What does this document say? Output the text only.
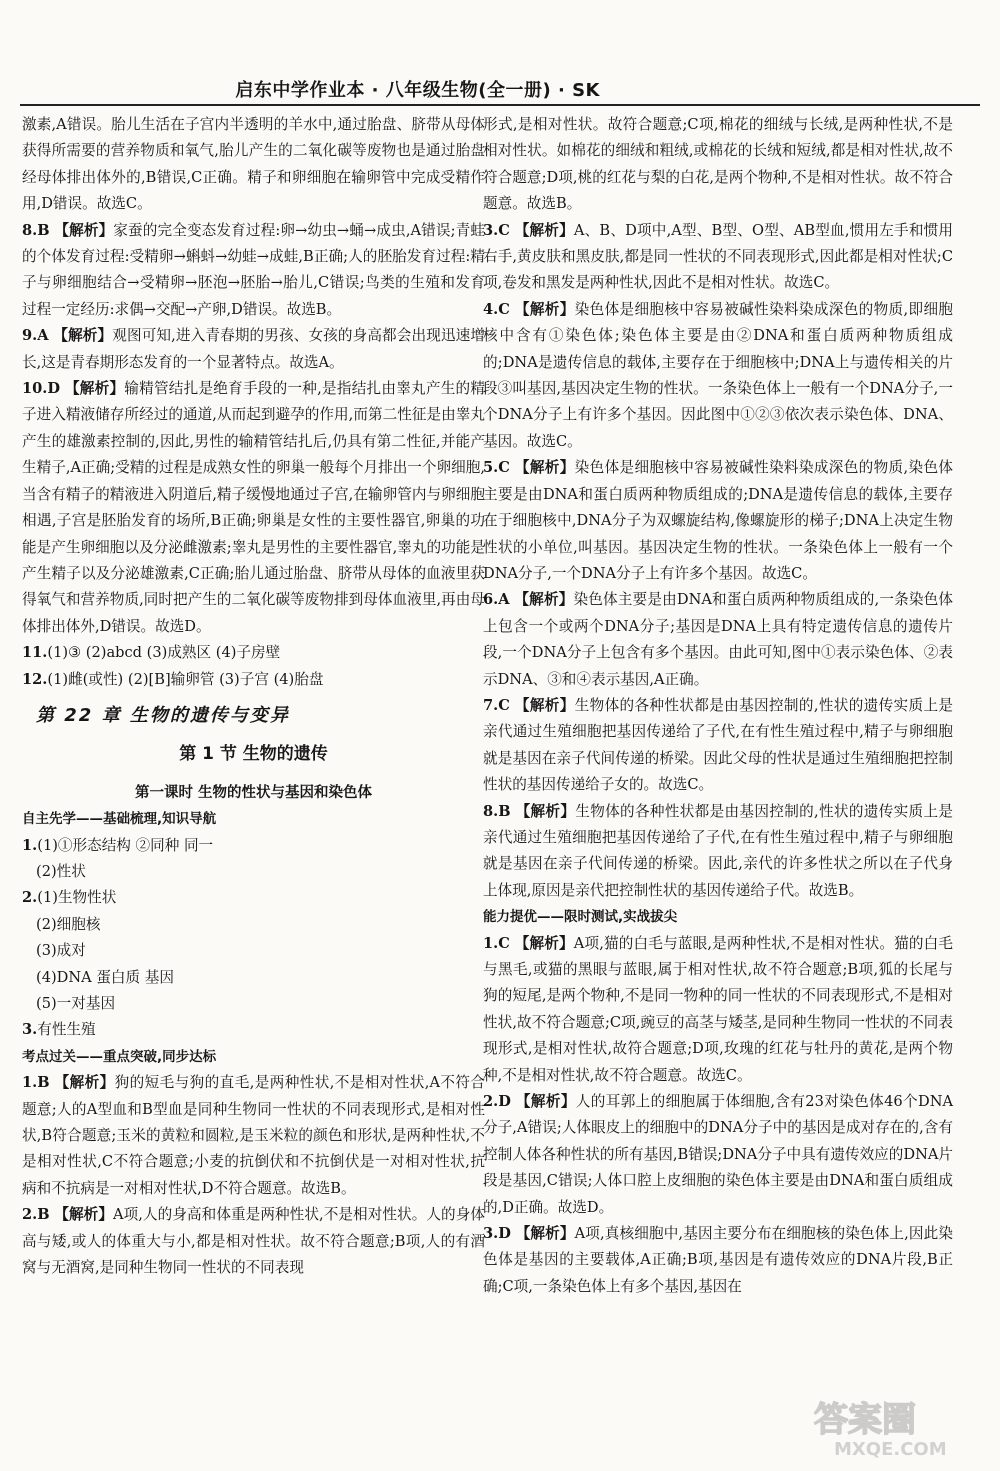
启东中学作业本 · 八年级生物(全一册) · SK

激素,A错误。胎儿生活在子宫内半透明的羊水中,通过胎盘、脐带从母体获得所需要的营养物质和氧气,胎儿产生的二氧化碳等废物也是通过胎盘经母体排出体外的,B错误,C正确。精子和卵细胞在输卵管中完成受精作用,D错误。故选C。

8.B 【解析】家蚕的完全变态发育过程:卵→幼虫→蛹→成虫,A错误;青蛙的个体发育过程:受精卵→蝌蚪→幼蛙→成蛙,B正确;人的胚胎发育过程:精子与卵细胞结合→受精卵→胚泡→胚胎→胎儿,C错误;鸟类的生殖和发育过程一定经历:求偶→交配→产卵,D错误。故选B。

9.A 【解析】观图可知,进入青春期的男孩、女孩的身高都会出现迅速增长,这是青春期形态发育的一个显著特点。故选A。

10.D 【解析】输精管结扎是绝育手段的一种,是指结扎由睾丸产生的精子进入精液储存所经过的通道,从而起到避孕的作用,而第二性征是由睾丸产生的雄激素控制的,因此,男性的输精管结扎后,仍具有第二性征,并能产生精子,A正确;受精的过程是成熟女性的卵巢一般每个月排出一个卵细胞,当含有精子的精液进入阴道后,精子缓慢地通过子宫,在输卵管内与卵细胞相遇,子宫是胚胎发育的场所,B正确;卵巢是女性的主要性器官,卵巢的功能是产生卵细胞以及分泌雌激素;睾丸是男性的主要性器官,睾丸的功能是产生精子以及分泌雄激素,C正确;胎儿通过胎盘、脐带从母体的血液里获得氧气和营养物质,同时把产生的二氧化碳等废物排到母体血液里,再由母体排出体外,D错误。故选D。

11.(1)③ (2)abcd (3)成熟区 (4)子房壁

12.(1)雌(或性) (2)[B]输卵管 (3)子宫 (4)胎盘

第 22 章 生物的遗传与变异
第 1 节 生物的遗传
第一课时 生物的性状与基因和染色体
自主先学——基础梳理,知识导航

1.(1)①形态结构 ②同种 同一

(2)性状

2.(1)生物性状

(2)细胞核

(3)成对

(4)DNA 蛋白质 基因

(5)一对基因

3.有性生殖

考点过关——重点突破,同步达标

1.B 【解析】狗的短毛与狗的直毛,是两种性状,不是相对性状,A不符合题意;人的A型血和B型血是同种生物同一性状的不同表现形式,是相对性状,B符合题意;玉米的黄粒和圆粒,是玉米粒的颜色和形状,是两种性状,不是相对性状,C不符合题意;小麦的抗倒伏和不抗倒伏是一对相对性状,抗病和不抗病是一对相对性状,D不符合题意。故选B。

2.B 【解析】A项,人的身高和体重是两种性状,不是相对性状。人的身体高与矮,或人的体重大与小,都是相对性状。故不符合题意;B项,人的有酒窝与无酒窝,是同种生物同一性状的不同表现

形式,是相对性状。故符合题意;C项,棉花的细绒与长绒,是两种性状,不是相对性状。如棉花的细绒和粗绒,或棉花的长绒和短绒,都是相对性状,故不符合题意;D项,桃的红花与梨的白花,是两个物种,不是相对性状。故不符合题意。故选B。

3.C 【解析】A、B、D项中,A型、B型、O型、AB型血,惯用左手和惯用右手,黄皮肤和黑皮肤,都是同一性状的不同表现形式,因此都是相对性状;C项,卷发和黑发是两种性状,因此不是相对性状。故选C。

4.C 【解析】染色体是细胞核中容易被碱性染料染成深色的物质,即细胞核中含有①染色体;染色体主要是由②DNA和蛋白质两种物质组成的;DNA是遗传信息的载体,主要存在于细胞核中;DNA上与遗传相关的片段③叫基因,基因决定生物的性状。一条染色体上一般有一个DNA分子,一个DNA分子上有许多个基因。因此图中①②③依次表示染色体、DNA、基因。故选C。

5.C 【解析】染色体是细胞核中容易被碱性染料染成深色的物质,染色体主要是由DNA和蛋白质两种物质组成的;DNA是遗传信息的载体,主要存在于细胞核中,DNA分子为双螺旋结构,像螺旋形的梯子;DNA上决定生物性状的小单位,叫基因。基因决定生物的性状。一条染色体上一般有一个DNA分子,一个DNA分子上有许多个基因。故选C。

6.A 【解析】染色体主要是由DNA和蛋白质两种物质组成的,一条染色体上包含一个或两个DNA分子;基因是DNA上具有特定遗传信息的遗传片段,一个DNA分子上包含有多个基因。由此可知,图中①表示染色体、②表示DNA、③和④表示基因,A正确。

7.C 【解析】生物体的各种性状都是由基因控制的,性状的遗传实质上是亲代通过生殖细胞把基因传递给了子代,在有性生殖过程中,精子与卵细胞就是基因在亲子代间传递的桥梁。因此父母的性状是通过生殖细胞把控制性状的基因传递给子女的。故选C。

8.B 【解析】生物体的各种性状都是由基因控制的,性状的遗传实质上是亲代通过生殖细胞把基因传递给了子代,在有性生殖过程中,精子与卵细胞就是基因在亲子代间传递的桥梁。因此,亲代的许多性状之所以在子代身上体现,原因是亲代把控制性状的基因传递给子代。故选B。

能力提优——限时测试,实战拔尖

1.C 【解析】A项,猫的白毛与蓝眼,是两种性状,不是相对性状。猫的白毛与黑毛,或猫的黑眼与蓝眼,属于相对性状,故不符合题意;B项,狐的长尾与狗的短尾,是两个物种,不是同一物种的同一性状的不同表现形式,不是相对性状,故不符合题意;C项,豌豆的高茎与矮茎,是同种生物同一性状的不同表现形式,是相对性状,故符合题意;D项,玫瑰的红花与牡丹的黄花,是两个物种,不是相对性状,故不符合题意。故选C。

2.D 【解析】人的耳郭上的细胞属于体细胞,含有23对染色体46个DNA分子,A错误;人体眼皮上的细胞中的DNA分子中的基因是成对存在的,含有控制人体各种性状的所有基因,B错误;DNA分子中具有遗传效应的DNA片段是基因,C错误;人体口腔上皮细胞的染色体主要是由DNA和蛋白质组成的,D正确。故选D。

3.D 【解析】A项,真核细胞中,基因主要分布在细胞核的染色体上,因此染色体是基因的主要载体,A正确;B项,基因是有遗传效应的DNA片段,B正确;C项,一条染色体上有多个基因,基因在

答案圈
MXQE.COM
